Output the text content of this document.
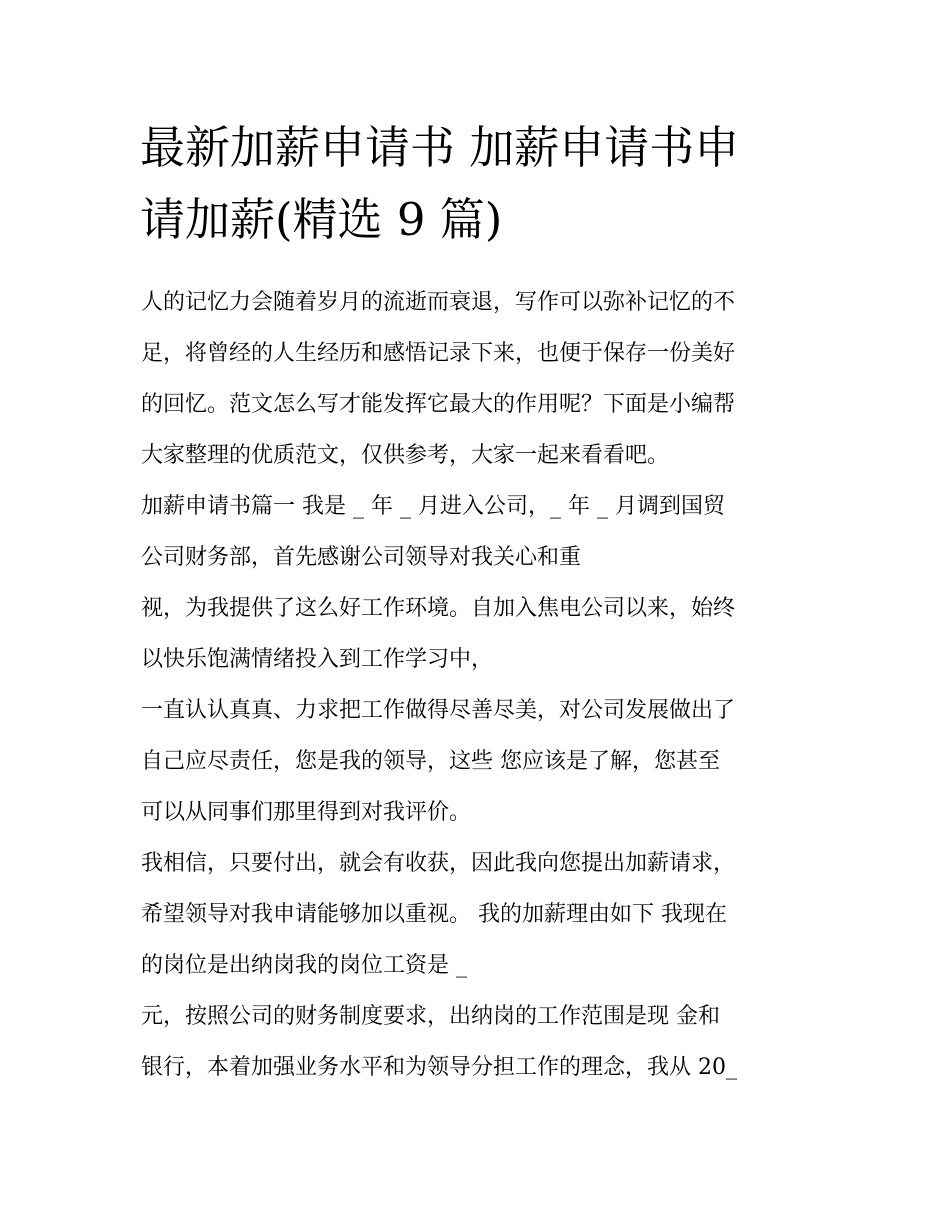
最新加薪申请书 加薪申请书申
请加薪(精选 9 篇)
人的记忆力会随着岁月的流逝而衰退，写作可以弥补记忆的不
足，将曾经的人生经历和感悟记录下来，也便于保存一份美好
的回忆。范文怎么写才能发挥它最大的作用呢？下面是小编帮
大家整理的优质范文，仅供参考，大家一起来看看吧。
加薪申请书篇一 我是 _ 年 _ 月进入公司，_ 年 _ 月调到国贸
公司财务部，首先感谢公司领导对我关心和重
视，为我提供了这么好工作环境。自加入焦电公司以来，始终
以快乐饱满情绪投入到工作学习中，
一直认认真真、力求把工作做得尽善尽美，对公司发展做出了
自己应尽责任，您是我的领导，这些 您应该是了解，您甚至
可以从同事们那里得到对我评价。
我相信，只要付出，就会有收获，因此我向您提出加薪请求，
希望领导对我申请能够加以重视。 我的加薪理由如下 我现在
的岗位是出纳岗我的岗位工资是 _
元，按照公司的财务制度要求，出纳岗的工作范围是现 金和
银行，本着加强业务水平和为领导分担工作的理念，我从 20_
